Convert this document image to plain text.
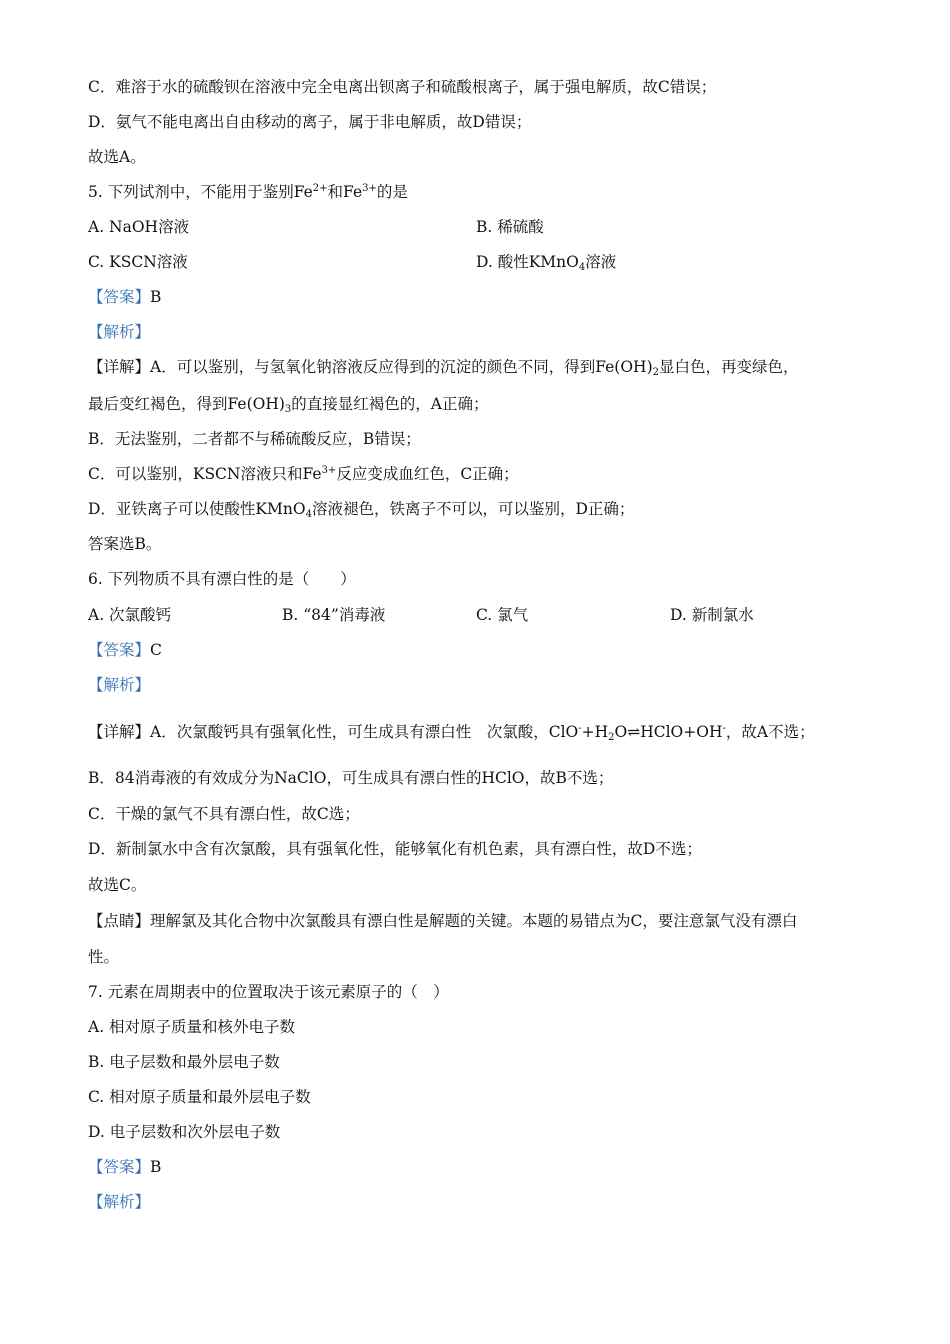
C．难溶于水的硫酸钡在溶液中完全电离出钡离子和硫酸根离子，属于强电解质，故C错误；
D．氨气不能电离出自由移动的离子，属于非电解质，故D错误；
故选A。
5. 下列试剂中，不能用于鉴别$Fe^{2+}$和$Fe^{3+}$的是
A. NaOH溶液	B. 稀硫酸
C. KSCN溶液	D. 酸性KMnO$_4$溶液
【答案】B
【解析】
【详解】A．可以鉴别，与氢氧化钠溶液反应得到的沉淀的颜色不同，得到$Fe(OH)_2$显白色，再变绿色，
最后变红褐色，得到$Fe(OH)_3$的直接显红褐色的，A正确；
B．无法鉴别，二者都不与稀硫酸反应，B错误；
C．可以鉴别，KSCN溶液只和$Fe^{3+}$反应变成血红色，C正确；
D．亚铁离子可以使酸性KMnO$_4$溶液褪色，铁离子不可以，可以鉴别，D正确；
答案选B。
6. 下列物质不具有漂白性的是（　　）
A. 次氯酸钙	B. “84”消毒液	C. 氯气	D. 新制氯水
【答案】C
【解析】
【详解】A．次氯酸钙具有强氧化性，可生成具有漂白性　次氯酸，$ClO^-+H_2O\rightleftharpoons HClO+OH^-$，故A不选；
B．84消毒液的有效成分为NaClO，可生成具有漂白性的HClO，故B不选；
C．干燥的氯气不具有漂白性，故C选；
D．新制氯水中含有次氯酸，具有强氧化性，能够氧化有机色素，具有漂白性，故D不选；
故选C。
【点睛】理解氯及其化合物中次氯酸具有漂白性是解题的关键。本题的易错点为C，要注意氯气没有漂白
性。
7. 元素在周期表中的位置取决于该元素原子的（　）
A. 相对原子质量和核外电子数
B. 电子层数和最外层电子数
C. 相对原子质量和最外层电子数
D. 电子层数和次外层电子数
【答案】B
【解析】
